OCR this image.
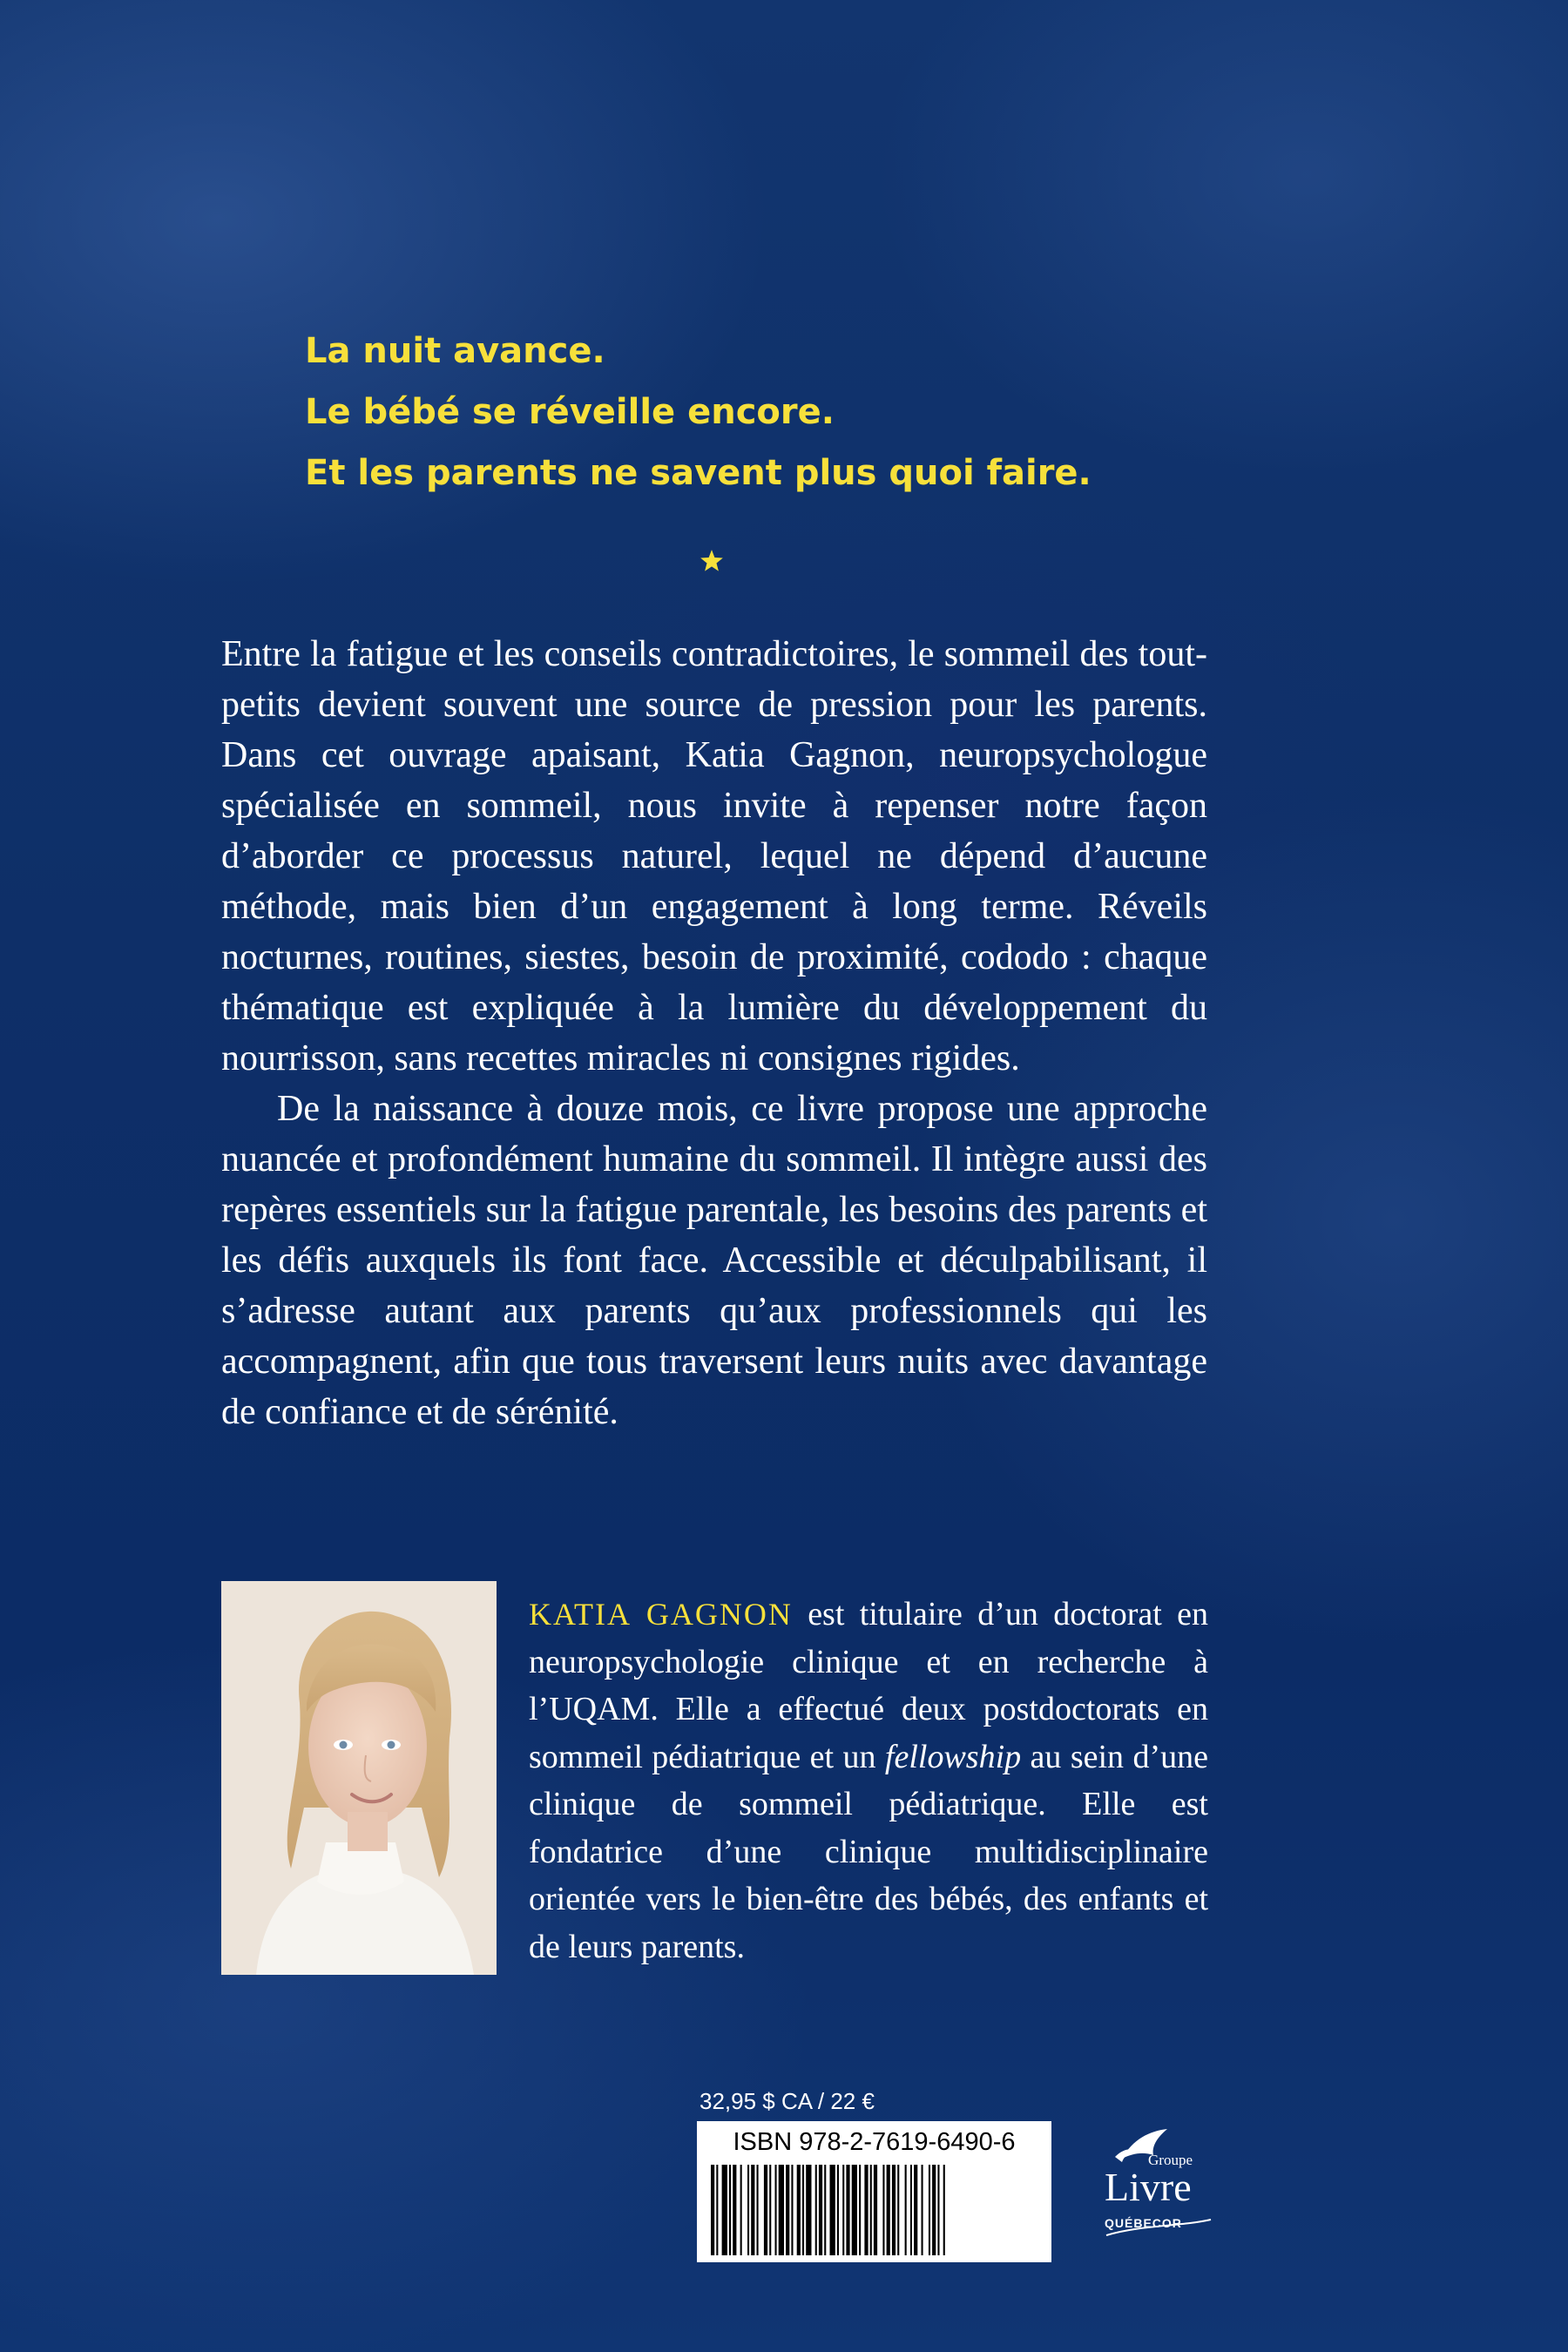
La nuit avance.
Le bébé se réveille encore.
Et les parents ne savent plus quoi faire.

Entre la fatigue et les conseils contradictoires, le sommeil des tout-petits devient souvent une source de pression pour les parents. Dans cet ouvrage apaisant, Katia Gagnon, neuropsychologue spécialisée en sommeil, nous invite à repenser notre façon d’aborder ce processus naturel, lequel ne dépend d’aucune méthode, mais bien d’un engagement à long terme. Réveils nocturnes, routines, siestes, besoin de proximité, cododo : chaque thématique est expliquée à la lumière du développement du nourrisson, sans recettes miracles ni consignes rigides.

De la naissance à douze mois, ce livre propose une approche nuancée et profondément humaine du sommeil. Il intègre aussi des repères essentiels sur la fatigue parentale, les besoins des parents et les défis auxquels ils font face. Accessible et déculpabilisant, il s’adresse autant aux parents qu’aux professionnels qui les accompagnent, afin que tous traversent leurs nuits avec davantage de confiance et de sérénité.

KATIA GAGNON est titulaire d’un doctorat en neuropsychologie clinique et en recherche à l’UQAM. Elle a effectué deux postdoctorats en sommeil pédiatrique et un fellowship au sein d’une clinique de sommeil pédiatrique. Elle est fondatrice d’une clinique multidisciplinaire orientée vers le bien-être des bébés, des enfants et de leurs parents.
32,95 $ CA / 22 €
ISBN 978-2-7619-6490-6
Groupe
Livre
QUÉBECOR
